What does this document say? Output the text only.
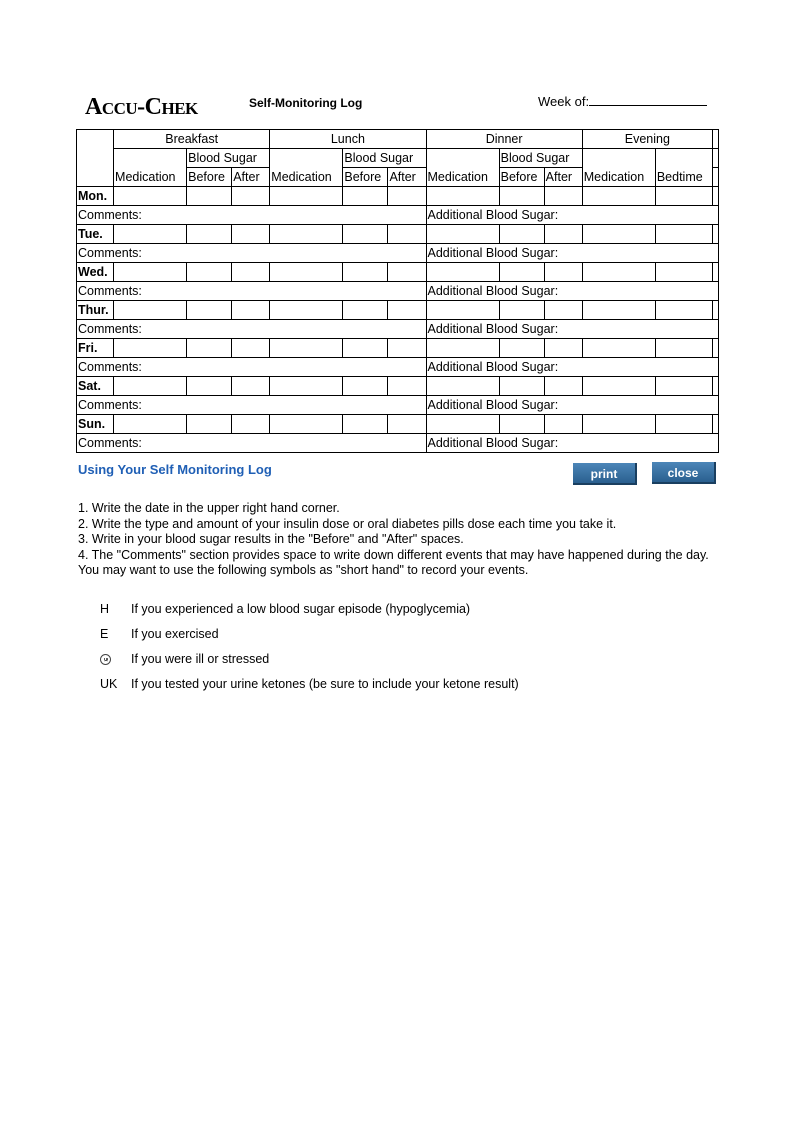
Accu-Chek	Self-Monitoring Log	Week of:
	Breakfast			Lunch			Dinner			Evening		
	Medication	Blood Sugar		Medication	Blood Sugar		Medication	Blood Sugar		Medication	Bedtime	
		Before	After		Before	After		Before	After			
Mon.												
Comments:							Additional Blood Sugar:					
Tue.												
Comments:							Additional Blood Sugar:					
Wed.												
Comments:							Additional Blood Sugar:					
Thur.												
Comments:							Additional Blood Sugar:					
Fri.												
Comments:							Additional Blood Sugar:					
Sat.												
Comments:							Additional Blood Sugar:					
Sun.												
Comments:							Additional Blood Sugar:					
Using Your Self Monitoring Log	print	close
1. Write the date in the upper right hand corner.
2. Write the type and amount of your insulin dose or oral diabetes pills dose each time you take it.
3. Write in your blood sugar results in the "Before" and "After" spaces.
4. The "Comments" section provides space to write down different events that may have happened during the day. You may want to use the following symbols as "short hand" to record your events.
H If you experienced a low blood sugar episode (hypoglycemia)
E If you exercised
If you were ill or stressed
UK If you tested your urine ketones (be sure to include your ketone result)
